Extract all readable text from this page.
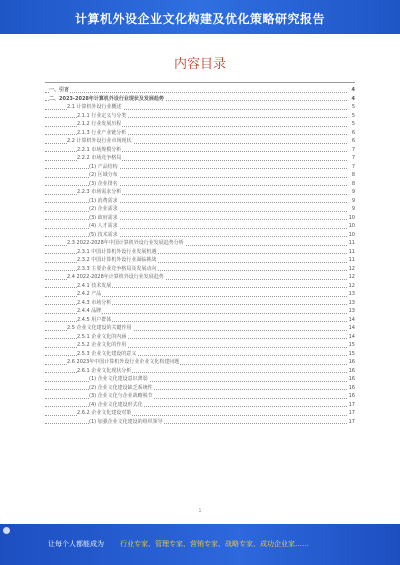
计算机外设企业文化构建及优化策略研究报告
内容目录
一、引言	4
二、2023-2028年计算机外设行业现状及发展趋势	4
2.1 计算机外设行业概述	5
2.1.1 行业定义与分类	5
2.1.2 行业发展历程	5
2.1.3 行业产业链分析	6
2.2 计算机外设行业市场现状	6
2.2.1 市场规模分析	7
2.2.2 市场竞争格局	7
(1) 产品结构	7
(2) 区域分布	8
(3) 企业排名	8
2.2.3 市场需求分析	9
(1) 消费需求	9
(2) 企业需求	9
(3) 政府需求	10
(4) 人才需求	10
(5) 技术需求	10
2.3 2022-2028年中国计算机外设行业发展趋势分析	11
2.3.1 中国计算机外设行业发展机遇	11
2.3.2 中国计算机外设行业面临挑战	11
2.3.3 主要企业竞争格局及发展动向	12
2.4 2022-2028年计算机外设行业发展趋势	12
2.4.1 技术发展	12
2.4.2 产品	13
2.4.3 市场分析	13
2.4.4 品牌	13
2.4.5 用户群体	14
2.5 企业文化建设的关键作用	14
2.5.1 企业文化的内涵	14
2.5.2 企业文化的作用	15
2.5.3 企业文化建设的意义	15
2.6 2023年中国计算机外设行业企业文化构建问题	16
2.6.1 企业文化现状分析	16
(1) 企业文化建设意识薄弱	16
(2) 企业文化建设缺乏系统性	16
(3) 企业文化与企业战略脱节	16
(4) 企业文化建设形式化	17
2.6.2 企业文化建设对策	17
(1) 加强企业文化建设的组织领导	17
1
让每个人都能成为 行业专家、管理专家、营销专家、战略专家、成功企业家……
